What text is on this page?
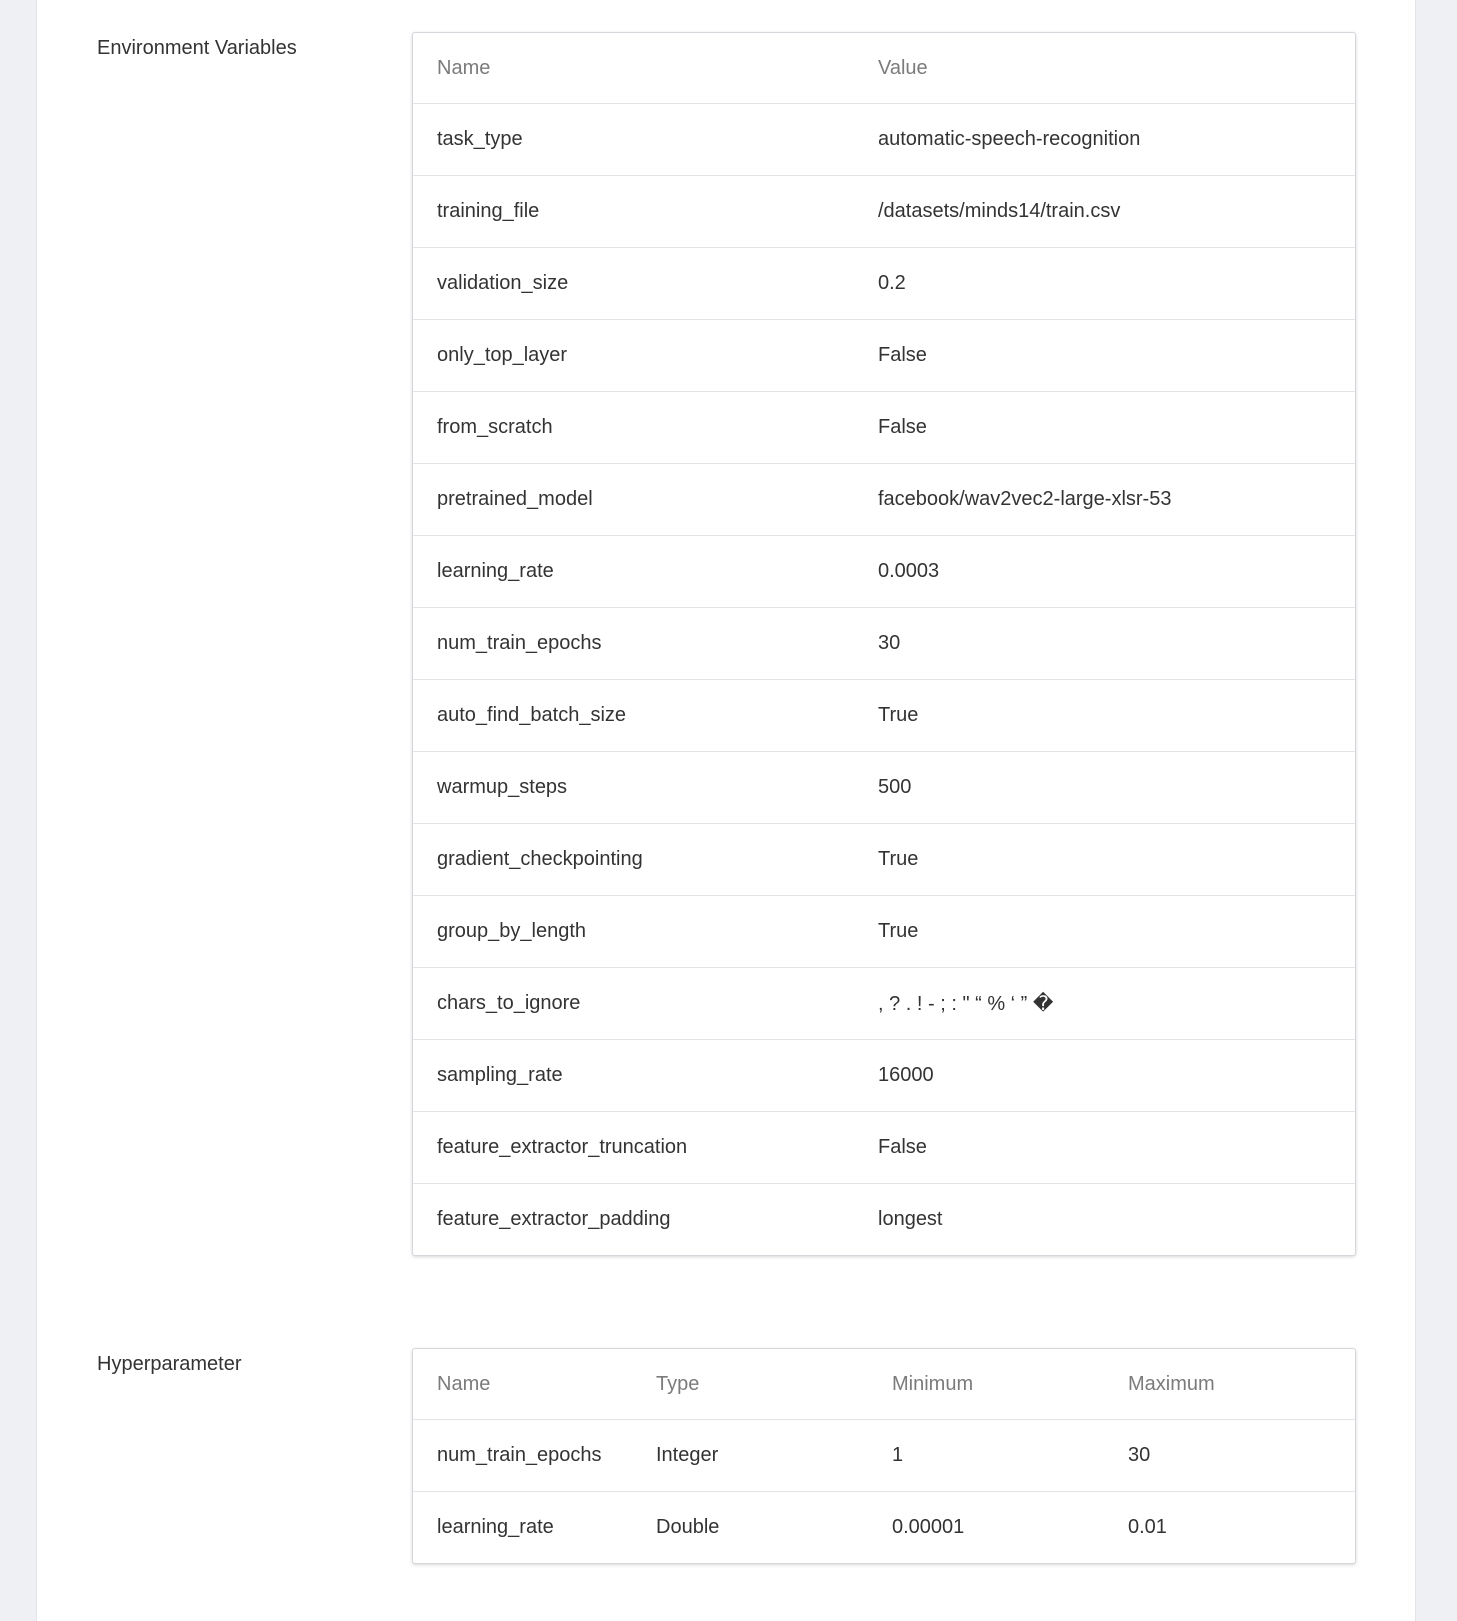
Environment Variables
Name	Value
task_type	automatic-speech-recognition
training_file	/datasets/minds14/train.csv
validation_size	0.2
only_top_layer	False
from_scratch	False
pretrained_model	facebook/wav2vec2-large-xlsr-53
learning_rate	0.0003
num_train_epochs	30
auto_find_batch_size	True
warmup_steps	500
gradient_checkpointing	True
group_by_length	True
chars_to_ignore	, ? . ! - ; : " “ % ‘ ” �
sampling_rate	16000
feature_extractor_truncation	False
feature_extractor_padding	longest
Hyperparameter
Name	Type	Minimum	Maximum
num_train_epochs	Integer	1	30
learning_rate	Double	0.00001	0.01
